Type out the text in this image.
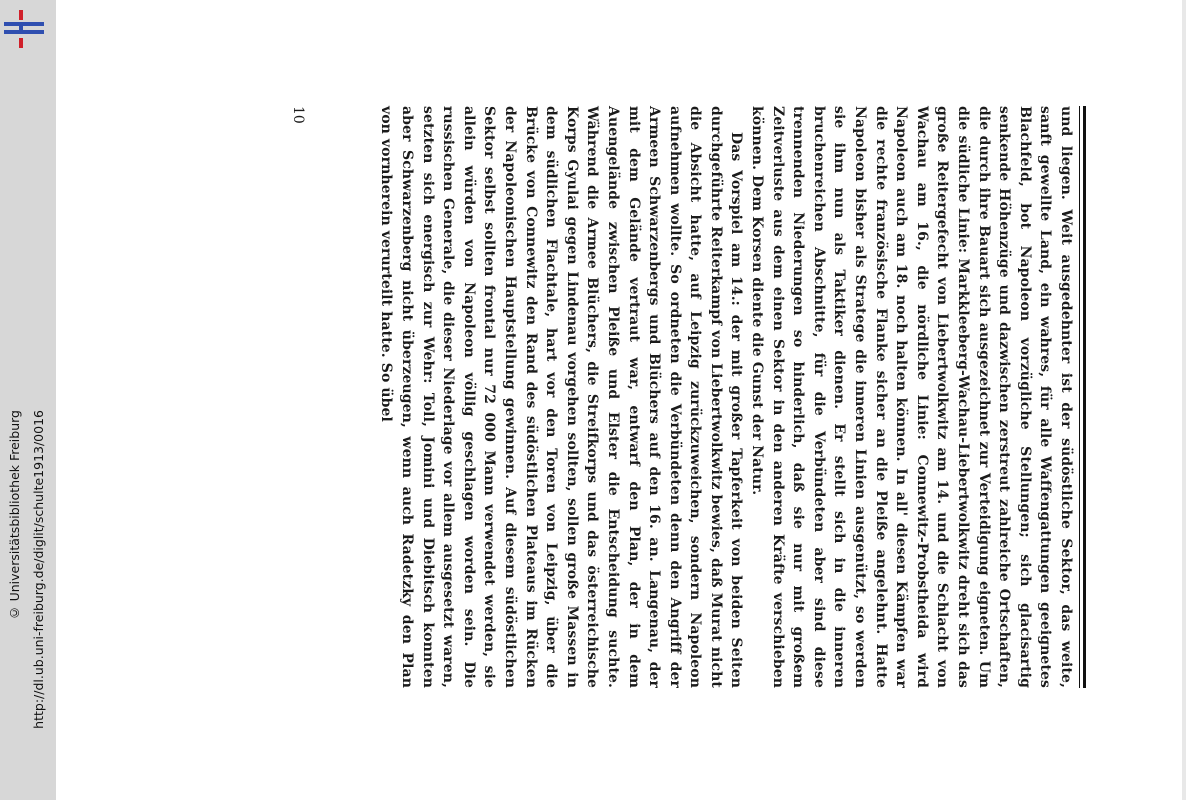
http://dl.ub.uni-freiburg.de/diglit/schulte1913/0016
© Universitätsbibliothek Freiburg	und liegen. Weit ausgedehnter ist der südöstliche Sektor, das weite, sanft gewellte Land, ein wahres, für alle Waffengattungen geeignetes Blachfeld, bot Napoleon vorzügliche Stellungen; sich glacisartig senkende Höhenzüge und dazwischen zerstreut zahlreiche Ortschaften, die durch ihre Bauart sich ausgezeichnet zur Verteidigung eigneten. Um die südliche Linie: Markkleeberg-Wachau-Liebertwolkwitz dreht sich das große Reitergefecht von Liebertwolkwitz am 14. und die Schlacht von Wachau am 16., die nördliche Linie: Connewitz-Probstheida wird Napoleon auch am 18. noch halten können. In all' diesen Kämpfen war die rechte französische Flanke sicher an die Pleiße angelehnt. Hatte Napoleon bisher als Stratege die inneren Linien ausgenützt, so werden sie ihm nun als Taktiker dienen. Er stellt sich in die inneren bruchenreichen Abschnitte, für die Verbündeten aber sind diese trennenden Niederungen so hinderlich, daß sie nur mit großem Zeitverluste aus dem einen Sektor in den anderen Kräfte verschieben können. Dem Korsen diente die Gunst der Natur.

Das Vorspiel am 14.: der mit großer Tapferkeit von beiden Seiten durchgeführte Reiterkampf von Liebertwolkwitz bewies, daß Murat nicht die Absicht hatte, auf Leipzig zurückzuweichen, sondern Napoleon aufnehmen wollte. So ordneten die Verbündeten denn den Angriff der Armeen Schwarzenbergs und Blüchers auf den 16. an. Langenau, der mit dem Gelände vertraut war, entwarf den Plan, der in dem Auengelände zwischen Pleiße und Elster die Entscheidung suchte. Während die Armee Blüchers, die Streifkorps und das österreichische Korps Gyulai gegen Lindenau vorgehen sollten, sollen große Massen in dem südlichen Flachtale, hart vor den Toren von Leipzig, über die Brücke von Connewitz den Rand des südöstlichen Plateaus im Rücken der Napoleonischen Hauptstellung gewinnen. Auf diesem südöstlichen Sektor selbst sollten frontal nur 72 000 Mann verwendet werden, sie allein würden von Napoleon völlig geschlagen worden sein. Die russischen Generale, die dieser Niederlage vor allem ausgesetzt waren, setzten sich energisch zur Wehr: Toll, Jomini und Diebitsch konnten aber Schwarzenberg nicht überzeugen, wenn auch Radetzky den Plan von vornherein verurteilt hatte. So übel

10
